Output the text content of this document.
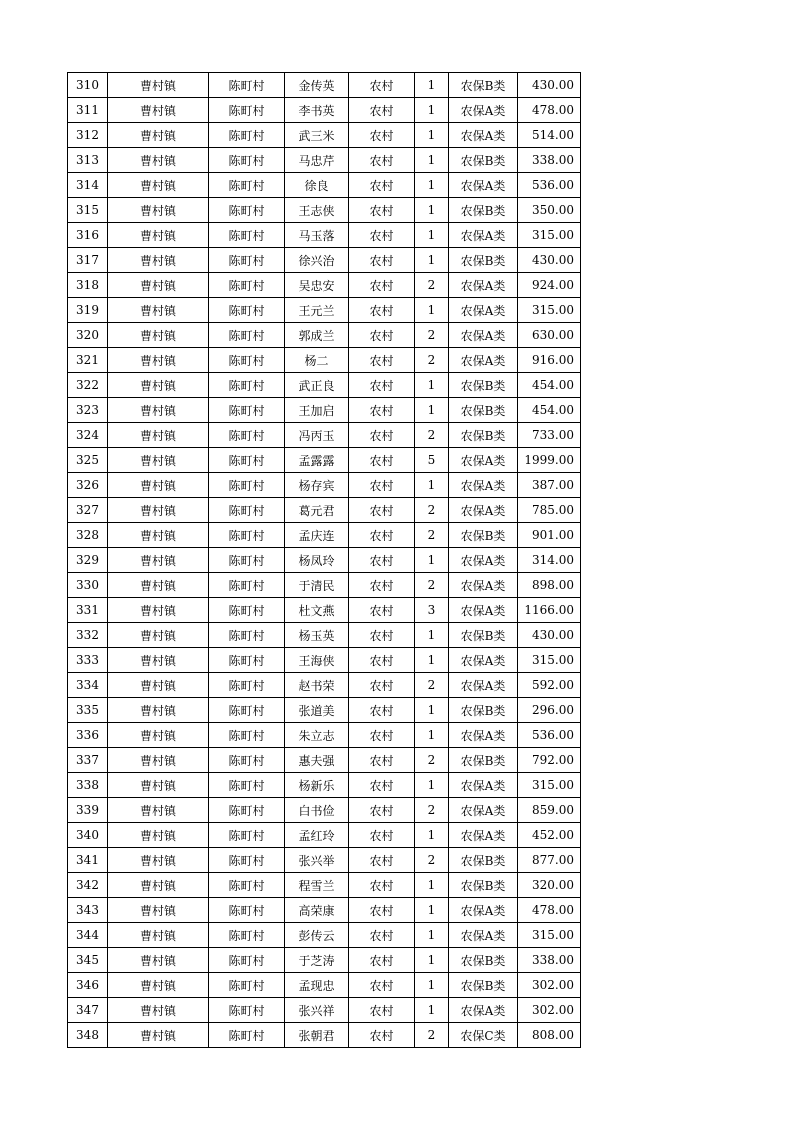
310	曹村镇	陈町村	金传英	农村	1	农保B类	430.00
311	曹村镇	陈町村	李书英	农村	1	农保A类	478.00
312	曹村镇	陈町村	武三米	农村	1	农保A类	514.00
313	曹村镇	陈町村	马忠芹	农村	1	农保B类	338.00
314	曹村镇	陈町村	徐良	农村	1	农保A类	536.00
315	曹村镇	陈町村	王志侠	农村	1	农保B类	350.00
316	曹村镇	陈町村	马玉落	农村	1	农保A类	315.00
317	曹村镇	陈町村	徐兴治	农村	1	农保B类	430.00
318	曹村镇	陈町村	吴忠安	农村	2	农保A类	924.00
319	曹村镇	陈町村	王元兰	农村	1	农保A类	315.00
320	曹村镇	陈町村	郭成兰	农村	2	农保A类	630.00
321	曹村镇	陈町村	杨二	农村	2	农保A类	916.00
322	曹村镇	陈町村	武正良	农村	1	农保B类	454.00
323	曹村镇	陈町村	王加启	农村	1	农保B类	454.00
324	曹村镇	陈町村	冯丙玉	农村	2	农保B类	733.00
325	曹村镇	陈町村	孟露露	农村	5	农保A类	1999.00
326	曹村镇	陈町村	杨存宾	农村	1	农保A类	387.00
327	曹村镇	陈町村	葛元君	农村	2	农保A类	785.00
328	曹村镇	陈町村	孟庆连	农村	2	农保B类	901.00
329	曹村镇	陈町村	杨凤玲	农村	1	农保A类	314.00
330	曹村镇	陈町村	于清民	农村	2	农保A类	898.00
331	曹村镇	陈町村	杜文燕	农村	3	农保A类	1166.00
332	曹村镇	陈町村	杨玉英	农村	1	农保B类	430.00
333	曹村镇	陈町村	王海侠	农村	1	农保A类	315.00
334	曹村镇	陈町村	赵书荣	农村	2	农保A类	592.00
335	曹村镇	陈町村	张道美	农村	1	农保B类	296.00
336	曹村镇	陈町村	朱立志	农村	1	农保A类	536.00
337	曹村镇	陈町村	惠夫强	农村	2	农保B类	792.00
338	曹村镇	陈町村	杨新乐	农村	1	农保A类	315.00
339	曹村镇	陈町村	白书俭	农村	2	农保A类	859.00
340	曹村镇	陈町村	孟红玲	农村	1	农保A类	452.00
341	曹村镇	陈町村	张兴举	农村	2	农保B类	877.00
342	曹村镇	陈町村	程雪兰	农村	1	农保B类	320.00
343	曹村镇	陈町村	高荣康	农村	1	农保A类	478.00
344	曹村镇	陈町村	彭传云	农村	1	农保A类	315.00
345	曹村镇	陈町村	于芝涛	农村	1	农保B类	338.00
346	曹村镇	陈町村	孟现忠	农村	1	农保B类	302.00
347	曹村镇	陈町村	张兴祥	农村	1	农保A类	302.00
348	曹村镇	陈町村	张朝君	农村	2	农保C类	808.00
